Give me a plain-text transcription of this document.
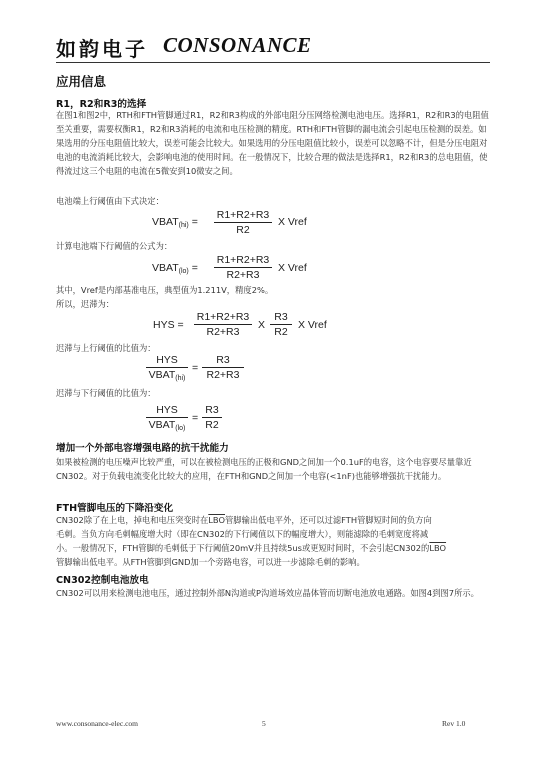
如韵电子 CONSONANCE
应用信息
R1，R2和R3的选择
在图1和图2中，RTH和FTH管脚通过R1，R2和R3构成的外部电阻分压网络检测电池电压。选择R1，R2和R3的电阻值至关重要，需要权衡R1，R2和R3消耗的电流和电压检测的精度。RTH和FTH管脚的漏电流会引起电压检测的误差。如果选用的分压电阻值比较大，误差可能会比较大。如果选用的分压电阻值比较小，误差可以忽略不计，但是分压电阻对电池的电流消耗比较大，会影响电池的使用时间。在一般情况下，比较合理的做法是选择R1，R2和R3的总电阻值，使得流过这三个电阻的电流在5微安到10微安之间。
电池端上行阈值由下式决定：
$VBAT_{(hi)} = \frac{R1+R2+R3}{R2}$ X Vref
计算电池端下行阈值的公式为：
$VBAT_{(lo)} = \frac{R1+R2+R3}{R2+R3}$ X Vref
其中，Vref是内部基准电压，典型值为1.211V，精度2%。
所以，迟滞为：
HYS = $\frac{R1+R2+R3}{R2+R3}$ X $\frac{R3}{R2}$ X Vref
迟滞与上行阈值的比值为：
HYS
$VBAT_{(hi)}$
= $\frac{R3}{R2+R3}$
迟滞与下行阈值的比值为：
HYS
$VBAT_{(lo)}$
= $\frac{R3}{R2}$
增加一个外部电容增强电路的抗干扰能力
如果被检测的电压噪声比较严重，可以在被检测电压的正极和GND之间加一个0.1uF的电容，这个电容要尽量靠近CN302。对于负载电流变化比较大的应用，在FTH和GND之间加一个电容(<1nF)也能够增强抗干扰能力。
FTH管脚电压的下降沿变化
CN302除了在上电，掉电和电压突变时在$\overline{LBO}$管脚输出低电平外，还可以过滤FTH管脚短时间的负方向
毛刺。当负方向毛刺幅度增大时（即在CN302的下行阈值以下的幅度增大），则能滤除的毛刺宽度将减
小。一般情况下，FTH管脚的毛刺低于下行阈值20mV并且持续5us或更短时间时，不会引起CN302的$\overline{LBO}$
管脚输出低电平。从FTH管脚到GND加一个旁路电容，可以进一步滤除毛刺的影响。
CN302控制电池放电
CN302可以用来检测电池电压，通过控制外部N沟道或P沟道场效应晶体管而切断电池放电通路。如图4到图7所示。
www.consonance-elec.com	5	Rev 1.0
